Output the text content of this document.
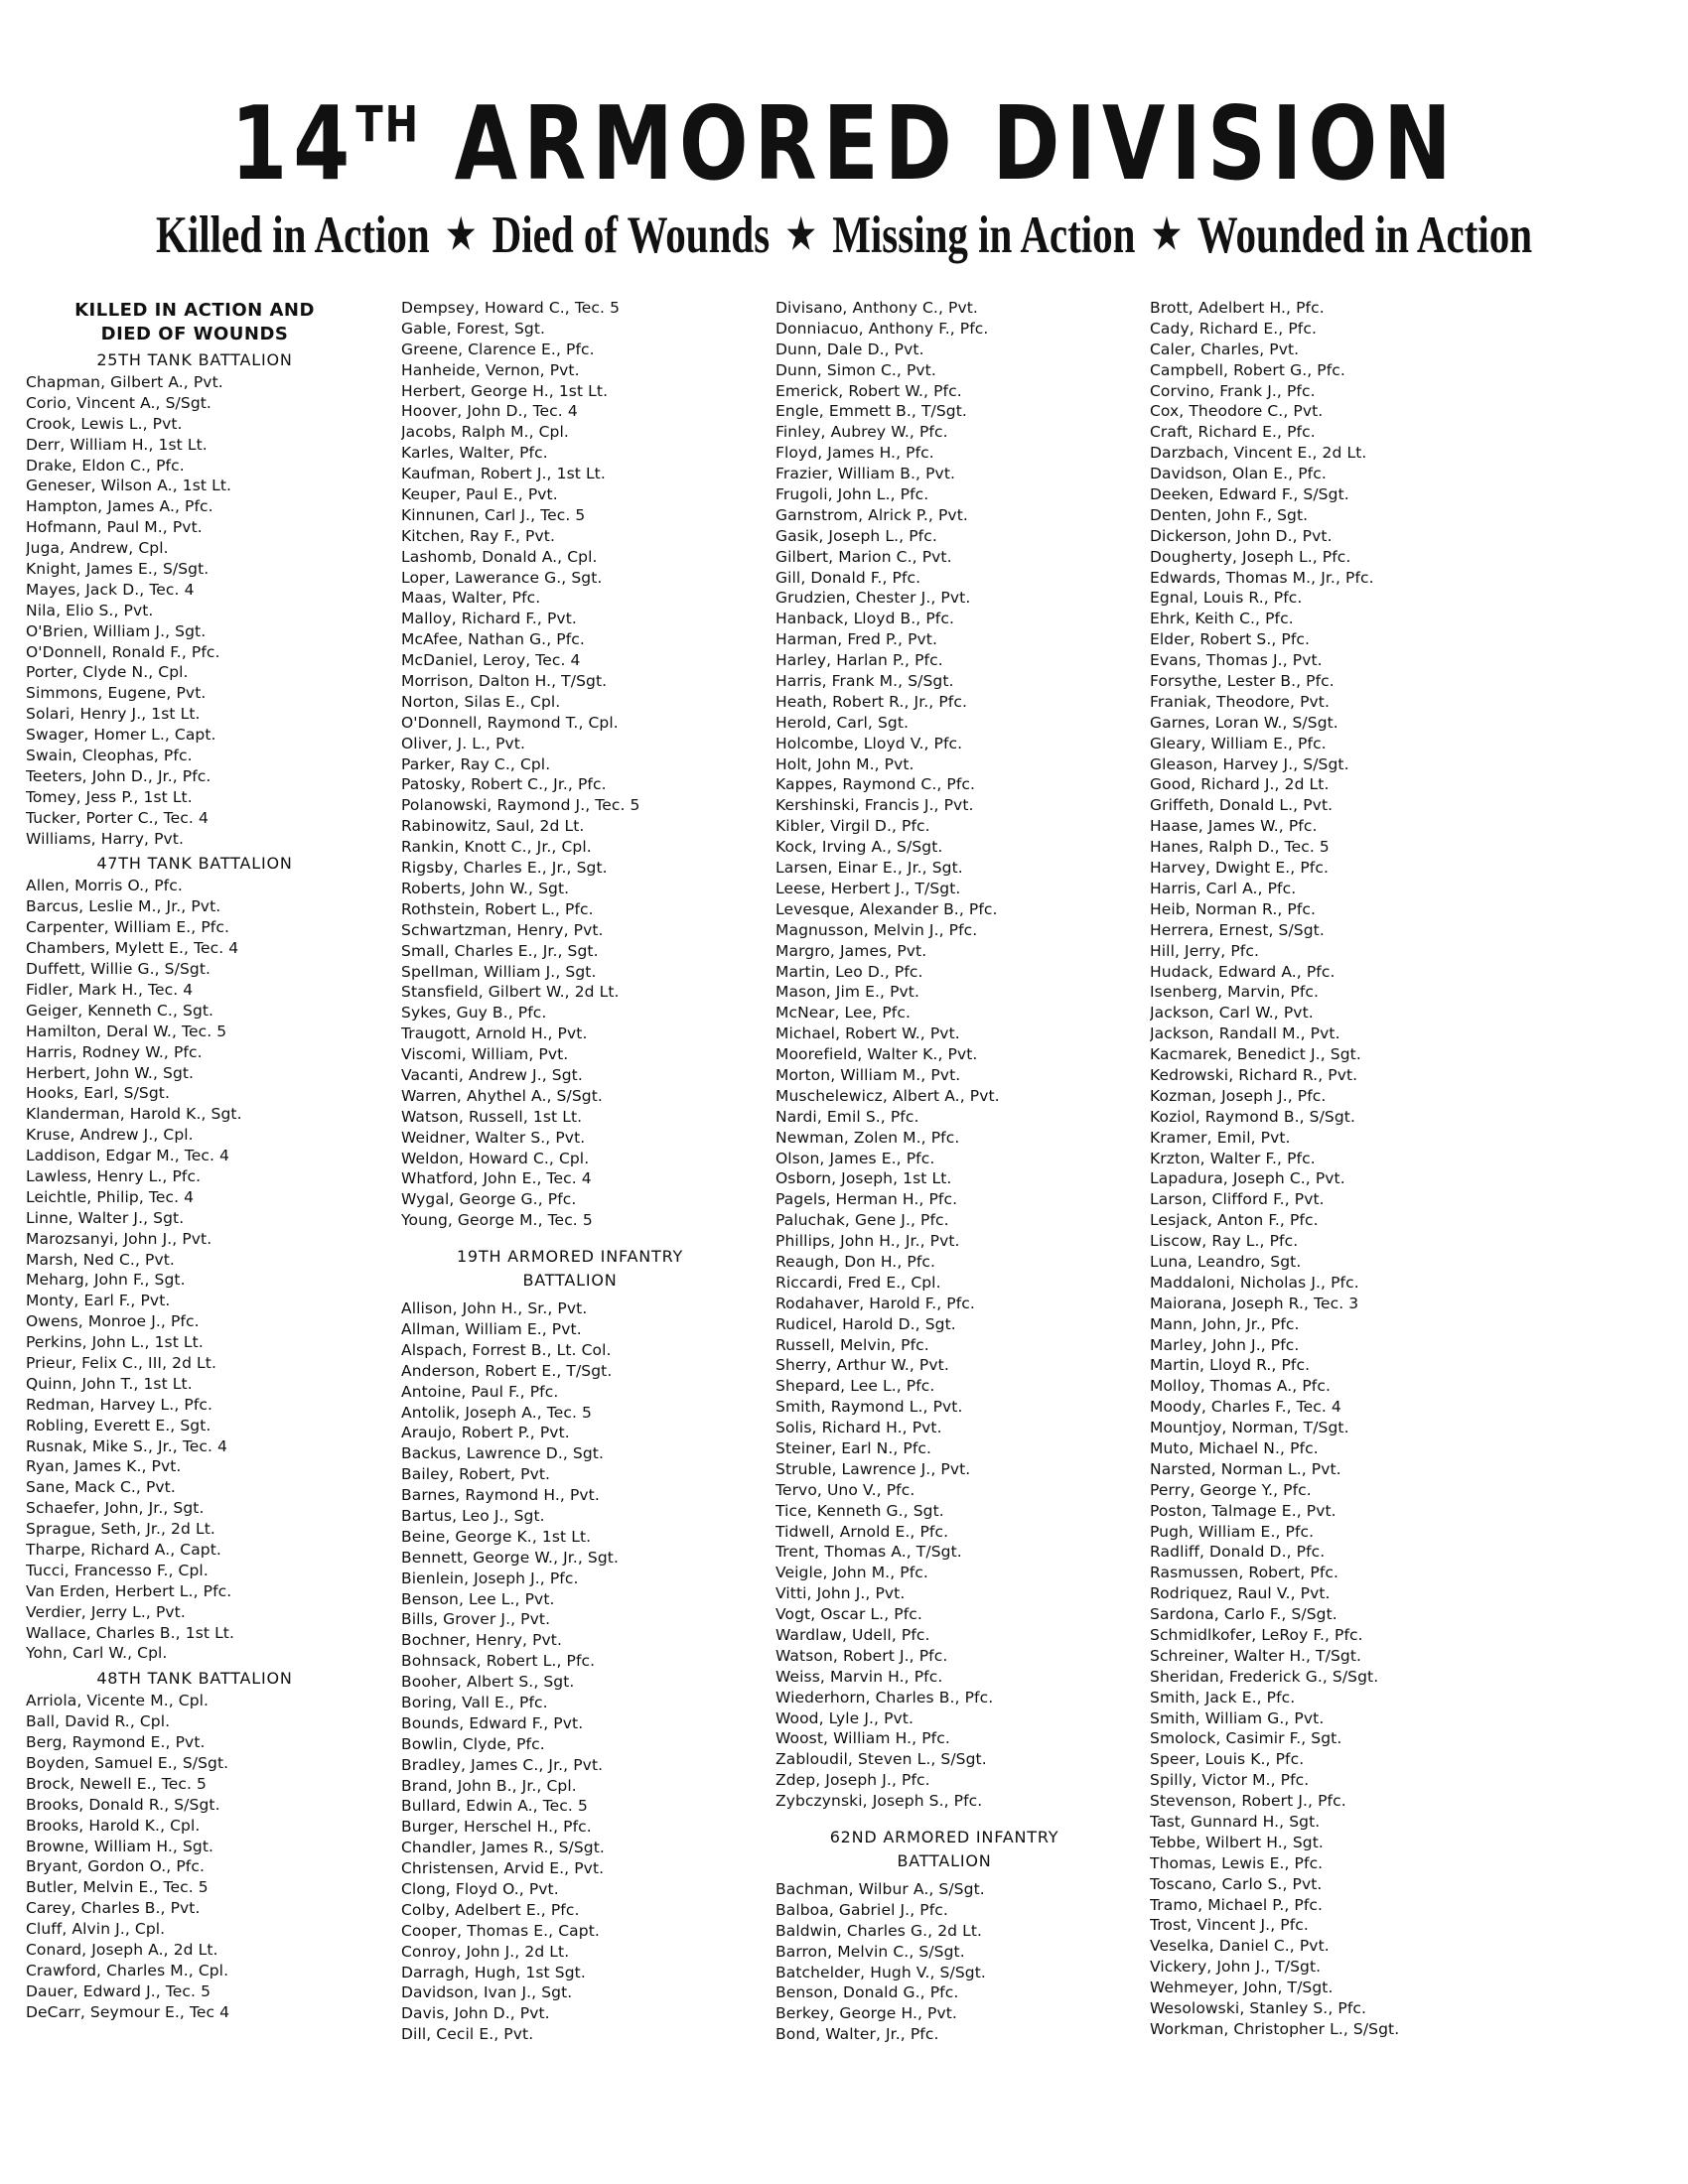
14TH ARMORED DIVISION
Killed in Action ★ Died of Wounds ★ Missing in Action ★ Wounded in Action
KILLED IN ACTION AND
DIED OF WOUNDS
25TH TANK BATTALION
Chapman, Gilbert A., Pvt.
Corio, Vincent A., S/Sgt.
Crook, Lewis L., Pvt.
Derr, William H., 1st Lt.
Drake, Eldon C., Pfc.
Geneser, Wilson A., 1st Lt.
Hampton, James A., Pfc.
Hofmann, Paul M., Pvt.
Juga, Andrew, Cpl.
Knight, James E., S/Sgt.
Mayes, Jack D., Tec. 4
Nila, Elio S., Pvt.
O'Brien, William J., Sgt.
O'Donnell, Ronald F., Pfc.
Porter, Clyde N., Cpl.
Simmons, Eugene, Pvt.
Solari, Henry J., 1st Lt.
Swager, Homer L., Capt.
Swain, Cleophas, Pfc.
Teeters, John D., Jr., Pfc.
Tomey, Jess P., 1st Lt.
Tucker, Porter C., Tec. 4
Williams, Harry, Pvt.
47TH TANK BATTALION
Allen, Morris O., Pfc.
Barcus, Leslie M., Jr., Pvt.
Carpenter, William E., Pfc.
Chambers, Mylett E., Tec. 4
Duffett, Willie G., S/Sgt.
Fidler, Mark H., Tec. 4
Geiger, Kenneth C., Sgt.
Hamilton, Deral W., Tec. 5
Harris, Rodney W., Pfc.
Herbert, John W., Sgt.
Hooks, Earl, S/Sgt.
Klanderman, Harold K., Sgt.
Kruse, Andrew J., Cpl.
Laddison, Edgar M., Tec. 4
Lawless, Henry L., Pfc.
Leichtle, Philip, Tec. 4
Linne, Walter J., Sgt.
Marozsanyi, John J., Pvt.
Marsh, Ned C., Pvt.
Meharg, John F., Sgt.
Monty, Earl F., Pvt.
Owens, Monroe J., Pfc.
Perkins, John L., 1st Lt.
Prieur, Felix C., III, 2d Lt.
Quinn, John T., 1st Lt.
Redman, Harvey L., Pfc.
Robling, Everett E., Sgt.
Rusnak, Mike S., Jr., Tec. 4
Ryan, James K., Pvt.
Sane, Mack C., Pvt.
Schaefer, John, Jr., Sgt.
Sprague, Seth, Jr., 2d Lt.
Tharpe, Richard A., Capt.
Tucci, Francesso F., Cpl.
Van Erden, Herbert L., Pfc.
Verdier, Jerry L., Pvt.
Wallace, Charles B., 1st Lt.
Yohn, Carl W., Cpl.
48TH TANK BATTALION
Arriola, Vicente M., Cpl.
Ball, David R., Cpl.
Berg, Raymond E., Pvt.
Boyden, Samuel E., S/Sgt.
Brock, Newell E., Tec. 5
Brooks, Donald R., S/Sgt.
Brooks, Harold K., Cpl.
Browne, William H., Sgt.
Bryant, Gordon O., Pfc.
Butler, Melvin E., Tec. 5
Carey, Charles B., Pvt.
Cluff, Alvin J., Cpl.
Conard, Joseph A., 2d Lt.
Crawford, Charles M., Cpl.
Dauer, Edward J., Tec. 5
DeCarr, Seymour E., Tec 4
Dempsey, Howard C., Tec. 5
Gable, Forest, Sgt.
Greene, Clarence E., Pfc.
Hanheide, Vernon, Pvt.
Herbert, George H., 1st Lt.
Hoover, John D., Tec. 4
Jacobs, Ralph M., Cpl.
Karles, Walter, Pfc.
Kaufman, Robert J., 1st Lt.
Keuper, Paul E., Pvt.
Kinnunen, Carl J., Tec. 5
Kitchen, Ray F., Pvt.
Lashomb, Donald A., Cpl.
Loper, Lawerance G., Sgt.
Maas, Walter, Pfc.
Malloy, Richard F., Pvt.
McAfee, Nathan G., Pfc.
McDaniel, Leroy, Tec. 4
Morrison, Dalton H., T/Sgt.
Norton, Silas E., Cpl.
O'Donnell, Raymond T., Cpl.
Oliver, J. L., Pvt.
Parker, Ray C., Cpl.
Patosky, Robert C., Jr., Pfc.
Polanowski, Raymond J., Tec. 5
Rabinowitz, Saul, 2d Lt.
Rankin, Knott C., Jr., Cpl.
Rigsby, Charles E., Jr., Sgt.
Roberts, John W., Sgt.
Rothstein, Robert L., Pfc.
Schwartzman, Henry, Pvt.
Small, Charles E., Jr., Sgt.
Spellman, William J., Sgt.
Stansfield, Gilbert W., 2d Lt.
Sykes, Guy B., Pfc.
Traugott, Arnold H., Pvt.
Viscomi, William, Pvt.
Vacanti, Andrew J., Sgt.
Warren, Ahythel A., S/Sgt.
Watson, Russell, 1st Lt.
Weidner, Walter S., Pvt.
Weldon, Howard C., Cpl.
Whatford, John E., Tec. 4
Wygal, George G., Pfc.
Young, George M., Tec. 5
19TH ARMORED INFANTRY
BATTALION
Allison, John H., Sr., Pvt.
Allman, William E., Pvt.
Alspach, Forrest B., Lt. Col.
Anderson, Robert E., T/Sgt.
Antoine, Paul F., Pfc.
Antolik, Joseph A., Tec. 5
Araujo, Robert P., Pvt.
Backus, Lawrence D., Sgt.
Bailey, Robert, Pvt.
Barnes, Raymond H., Pvt.
Bartus, Leo J., Sgt.
Beine, George K., 1st Lt.
Bennett, George W., Jr., Sgt.
Bienlein, Joseph J., Pfc.
Benson, Lee L., Pvt.
Bills, Grover J., Pvt.
Bochner, Henry, Pvt.
Bohnsack, Robert L., Pfc.
Booher, Albert S., Sgt.
Boring, Vall E., Pfc.
Bounds, Edward F., Pvt.
Bowlin, Clyde, Pfc.
Bradley, James C., Jr., Pvt.
Brand, John B., Jr., Cpl.
Bullard, Edwin A., Tec. 5
Burger, Herschel H., Pfc.
Chandler, James R., S/Sgt.
Christensen, Arvid E., Pvt.
Clong, Floyd O., Pvt.
Colby, Adelbert E., Pfc.
Cooper, Thomas E., Capt.
Conroy, John J., 2d Lt.
Darragh, Hugh, 1st Sgt.
Davidson, Ivan J., Sgt.
Davis, John D., Pvt.
Dill, Cecil E., Pvt.
Divisano, Anthony C., Pvt.
Donniacuo, Anthony F., Pfc.
Dunn, Dale D., Pvt.
Dunn, Simon C., Pvt.
Emerick, Robert W., Pfc.
Engle, Emmett B., T/Sgt.
Finley, Aubrey W., Pfc.
Floyd, James H., Pfc.
Frazier, William B., Pvt.
Frugoli, John L., Pfc.
Garnstrom, Alrick P., Pvt.
Gasik, Joseph L., Pfc.
Gilbert, Marion C., Pvt.
Gill, Donald F., Pfc.
Grudzien, Chester J., Pvt.
Hanback, Lloyd B., Pfc.
Harman, Fred P., Pvt.
Harley, Harlan P., Pfc.
Harris, Frank M., S/Sgt.
Heath, Robert R., Jr., Pfc.
Herold, Carl, Sgt.
Holcombe, Lloyd V., Pfc.
Holt, John M., Pvt.
Kappes, Raymond C., Pfc.
Kershinski, Francis J., Pvt.
Kibler, Virgil D., Pfc.
Kock, Irving A., S/Sgt.
Larsen, Einar E., Jr., Sgt.
Leese, Herbert J., T/Sgt.
Levesque, Alexander B., Pfc.
Magnusson, Melvin J., Pfc.
Margro, James, Pvt.
Martin, Leo D., Pfc.
Mason, Jim E., Pvt.
McNear, Lee, Pfc.
Michael, Robert W., Pvt.
Moorefield, Walter K., Pvt.
Morton, William M., Pvt.
Muschelewicz, Albert A., Pvt.
Nardi, Emil S., Pfc.
Newman, Zolen M., Pfc.
Olson, James E., Pfc.
Osborn, Joseph, 1st Lt.
Pagels, Herman H., Pfc.
Paluchak, Gene J., Pfc.
Phillips, John H., Jr., Pvt.
Reaugh, Don H., Pfc.
Riccardi, Fred E., Cpl.
Rodahaver, Harold F., Pfc.
Rudicel, Harold D., Sgt.
Russell, Melvin, Pfc.
Sherry, Arthur W., Pvt.
Shepard, Lee L., Pfc.
Smith, Raymond L., Pvt.
Solis, Richard H., Pvt.
Steiner, Earl N., Pfc.
Struble, Lawrence J., Pvt.
Tervo, Uno V., Pfc.
Tice, Kenneth G., Sgt.
Tidwell, Arnold E., Pfc.
Trent, Thomas A., T/Sgt.
Veigle, John M., Pfc.
Vitti, John J., Pvt.
Vogt, Oscar L., Pfc.
Wardlaw, Udell, Pfc.
Watson, Robert J., Pfc.
Weiss, Marvin H., Pfc.
Wiederhorn, Charles B., Pfc.
Wood, Lyle J., Pvt.
Woost, William H., Pfc.
Zabloudil, Steven L., S/Sgt.
Zdep, Joseph J., Pfc.
Zybczynski, Joseph S., Pfc.
62ND ARMORED INFANTRY
BATTALION
Bachman, Wilbur A., S/Sgt.
Balboa, Gabriel J., Pfc.
Baldwin, Charles G., 2d Lt.
Barron, Melvin C., S/Sgt.
Batchelder, Hugh V., S/Sgt.
Benson, Donald G., Pfc.
Berkey, George H., Pvt.
Bond, Walter, Jr., Pfc.
Brott, Adelbert H., Pfc.
Cady, Richard E., Pfc.
Caler, Charles, Pvt.
Campbell, Robert G., Pfc.
Corvino, Frank J., Pfc.
Cox, Theodore C., Pvt.
Craft, Richard E., Pfc.
Darzbach, Vincent E., 2d Lt.
Davidson, Olan E., Pfc.
Deeken, Edward F., S/Sgt.
Denten, John F., Sgt.
Dickerson, John D., Pvt.
Dougherty, Joseph L., Pfc.
Edwards, Thomas M., Jr., Pfc.
Egnal, Louis R., Pfc.
Ehrk, Keith C., Pfc.
Elder, Robert S., Pfc.
Evans, Thomas J., Pvt.
Forsythe, Lester B., Pfc.
Franiak, Theodore, Pvt.
Garnes, Loran W., S/Sgt.
Gleary, William E., Pfc.
Gleason, Harvey J., S/Sgt.
Good, Richard J., 2d Lt.
Griffeth, Donald L., Pvt.
Haase, James W., Pfc.
Hanes, Ralph D., Tec. 5
Harvey, Dwight E., Pfc.
Harris, Carl A., Pfc.
Heib, Norman R., Pfc.
Herrera, Ernest, S/Sgt.
Hill, Jerry, Pfc.
Hudack, Edward A., Pfc.
Isenberg, Marvin, Pfc.
Jackson, Carl W., Pvt.
Jackson, Randall M., Pvt.
Kacmarek, Benedict J., Sgt.
Kedrowski, Richard R., Pvt.
Kozman, Joseph J., Pfc.
Koziol, Raymond B., S/Sgt.
Kramer, Emil, Pvt.
Krzton, Walter F., Pfc.
Lapadura, Joseph C., Pvt.
Larson, Clifford F., Pvt.
Lesjack, Anton F., Pfc.
Liscow, Ray L., Pfc.
Luna, Leandro, Sgt.
Maddaloni, Nicholas J., Pfc.
Maiorana, Joseph R., Tec. 3
Mann, John, Jr., Pfc.
Marley, John J., Pfc.
Martin, Lloyd R., Pfc.
Molloy, Thomas A., Pfc.
Moody, Charles F., Tec. 4
Mountjoy, Norman, T/Sgt.
Muto, Michael N., Pfc.
Narsted, Norman L., Pvt.
Perry, George Y., Pfc.
Poston, Talmage E., Pvt.
Pugh, William E., Pfc.
Radliff, Donald D., Pfc.
Rasmussen, Robert, Pfc.
Rodriquez, Raul V., Pvt.
Sardona, Carlo F., S/Sgt.
Schmidlkofer, LeRoy F., Pfc.
Schreiner, Walter H., T/Sgt.
Sheridan, Frederick G., S/Sgt.
Smith, Jack E., Pfc.
Smith, William G., Pvt.
Smolock, Casimir F., Sgt.
Speer, Louis K., Pfc.
Spilly, Victor M., Pfc.
Stevenson, Robert J., Pfc.
Tast, Gunnard H., Sgt.
Tebbe, Wilbert H., Sgt.
Thomas, Lewis E., Pfc.
Toscano, Carlo S., Pvt.
Tramo, Michael P., Pfc.
Trost, Vincent J., Pfc.
Veselka, Daniel C., Pvt.
Vickery, John J., T/Sgt.
Wehmeyer, John, T/Sgt.
Wesolowski, Stanley S., Pfc.
Workman, Christopher L., S/Sgt.
